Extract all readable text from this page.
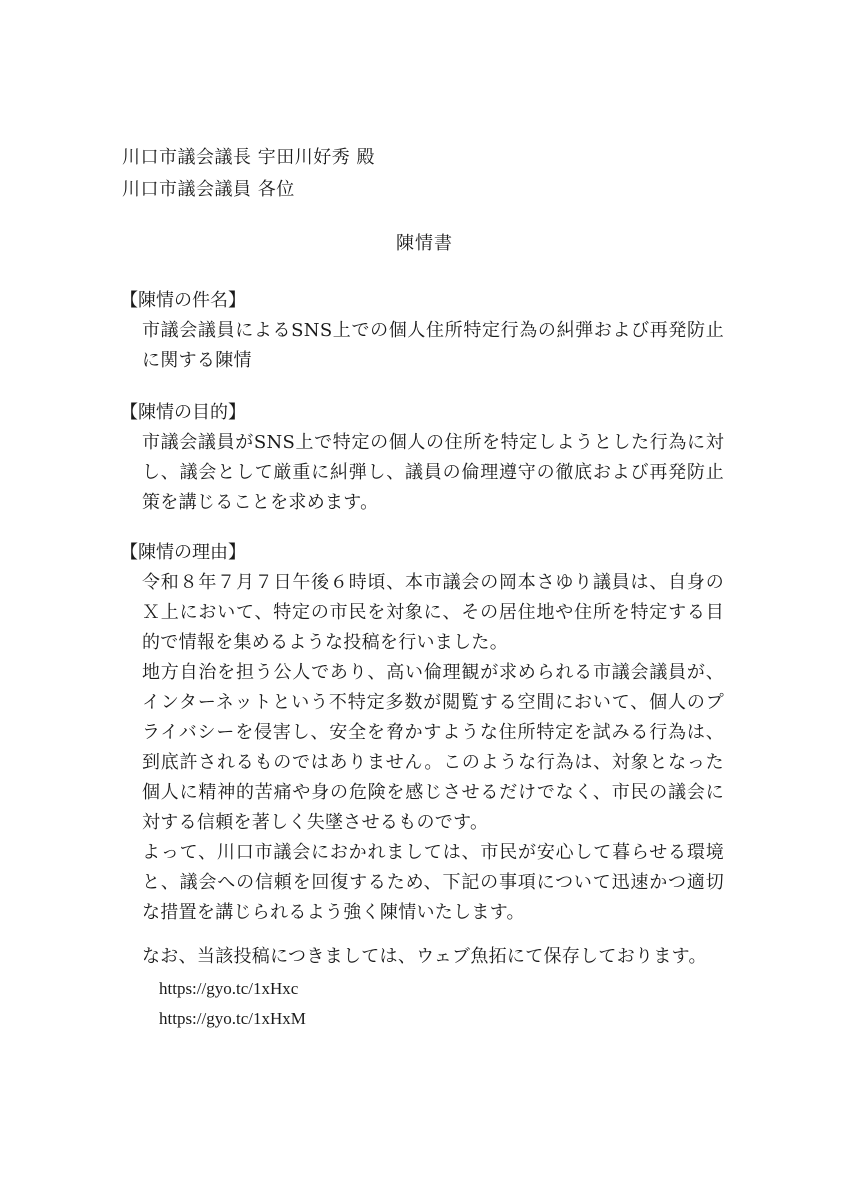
川口市議会議長 宇田川好秀 殿
川口市議会議員 各位
陳情書
【陳情の件名】

市議会議員によるSNS上での個人住所特定行為の糾弾および再発防止に関する陳情

【陳情の目的】

市議会議員がSNS上で特定の個人の住所を特定しようとした行為に対し、議会として厳重に糾弾し、議員の倫理遵守の徹底および再発防止策を講じることを求めます。

【陳情の理由】

令和８年７月７日午後６時頃、本市議会の岡本さゆり議員は、自身のＸ上において、特定の市民を対象に、その居住地や住所を特定する目的で情報を集めるような投稿を行いました。

地方自治を担う公人であり、高い倫理観が求められる市議会議員が、インターネットという不特定多数が閲覧する空間において、個人のプライバシーを侵害し、安全を脅かすような住所特定を試みる行為は、到底許されるものではありません。このような行為は、対象となった個人に精神的苦痛や身の危険を感じさせるだけでなく、市民の議会に対する信頼を著しく失墜させるものです。

よって、川口市議会におかれましては、市民が安心して暮らせる環境と、議会への信頼を回復するため、下記の事項について迅速かつ適切な措置を講じられるよう強く陳情いたします。

なお、当該投稿につきましては、ウェブ魚拓にて保存しております。
https://gyo.tc/1xHxc
https://gyo.tc/1xHxM
